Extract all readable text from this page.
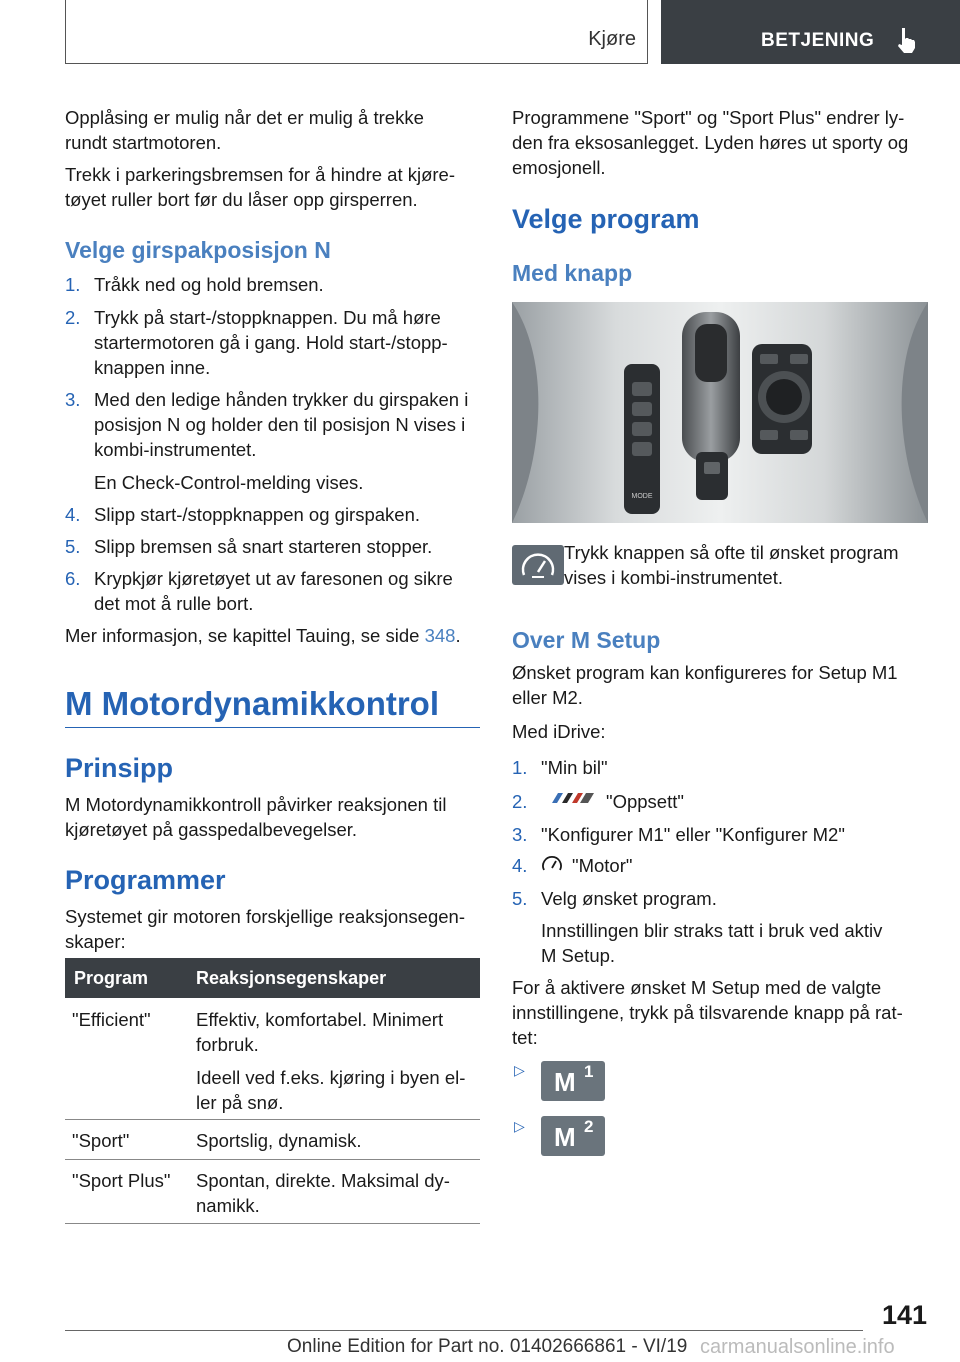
Kjøre	BETJENING
Opplåsing er mulig når det er mulig å trekke
rundt startmotoren.
Trekk i parkeringsbremsen for å hindre at kjøre-
tøyet ruller bort før du låser opp girsperren.
Velge girspakposisjon N
1. Tråkk ned og hold bremsen.
2. Trykk på start-/stoppknappen. Du må høre
startermotoren gå i gang. Hold start-/stopp-
knappen inne.
3. Med den ledige hånden trykker du girspaken i
posisjon N og holder den til posisjon N vises i
kombi-instrumentet.
En Check-Control-melding vises.
4. Slipp start-/stoppknappen og girspaken.
5. Slipp bremsen så snart starteren stopper.
6. Krypkjør kjøretøyet ut av faresonen og sikre
det mot å rulle bort.
Mer informasjon, se kapittel Tauing, se side 348.
M Motordynamikkontrol
Prinsipp
M Motordynamikkontroll påvirker reaksjonen til
kjøretøyet på gasspedalbevegelser.
Programmer
Systemet gir motoren forskjellige reaksjonsegen-
skaper:
Program	Reaksjonsegenskaper
"Efficient" Effektiv, komfortabel. Minimert
forbruk.
Ideell ved f.eks. kjøring i byen el-
ler på snø.
"Sport"	Sportslig, dynamisk.
"Sport Plus" Spontan, direkte. Maksimal dy-
namikk.
Programmene "Sport" og "Sport Plus" endrer ly-
den fra eksosanlegget. Lyden høres ut sporty og
emosjonell.
Velge program
Med knapp
MODE
Trykk knappen så ofte til ønsket program
vises i kombi-instrumentet.
Over M Setup
Ønsket program kan konfigureres for Setup M1
eller M2.
Med iDrive:
1. "Min bil"
2.	"Oppsett"
3. "Konfigurer M1" eller "Konfigurer M2"
4. "Motor"
5. Velg ønsket program.
Innstillingen blir straks tatt i bruk ved aktiv
M Setup.
For å aktivere ønsket M Setup med de valgte
innstillingene, trykk på tilsvarende knapp på rat-
tet:
▷ M 1
▷ M 2
141
Online Edition for Part no. 01402666861 - VI/19 carmanualsonline.info
